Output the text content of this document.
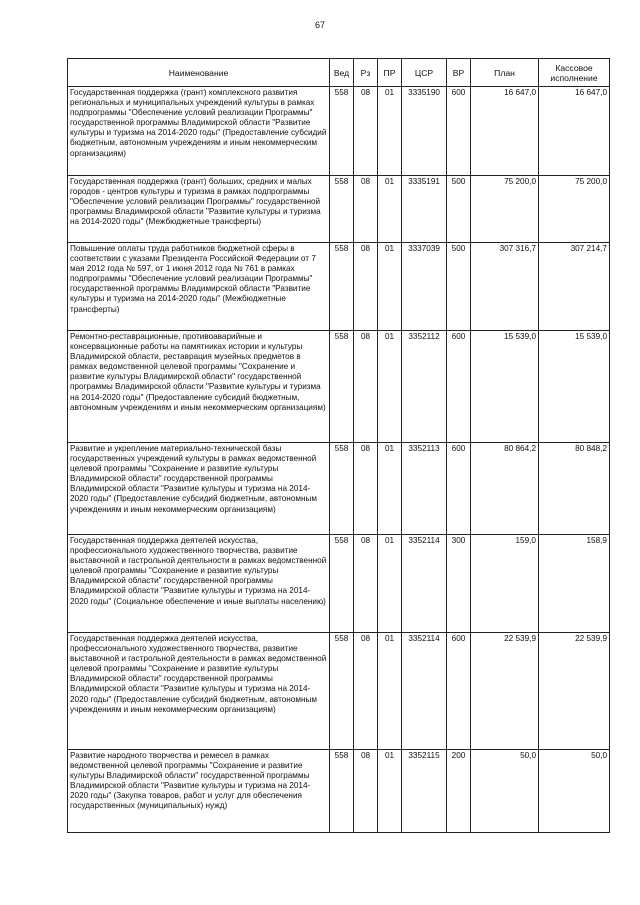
67
Наименование	Вед	Рз	ПР	ЦСР	ВР	План	Кассовое исполнение
Государственная поддержка (грант) комплексного развития региональных и муниципальных учреждений культуры в рамках подпрограммы "Обеспечение условий реализации Программы" государственной программы Владимирской области "Развитие культуры и туризма на 2014-2020 годы" (Предоставление субсидий бюджетным, автономным учреждениям и иным некоммерческим организациям)	558	08	01	3335190	600	16 647,0	16 647,0
Государственная поддержка (грант) больших, средних и малых городов - центров культуры и туризма в рамках подпрограммы "Обеспечение условий реализации Программы" государственной программы Владимирской области "Развитие культуры и туризма на 2014-2020 годы" (Межбюджетные трансферты)	558	08	01	3335191	500	75 200,0	75 200,0
Повышение оплаты труда работников бюджетной сферы в соответствии с указами Президента Российской Федерации от 7 мая 2012 года № 597, от 1 июня 2012 года № 761 в рамках подпрограммы "Обеспечение условий реализации Программы" государственной программы Владимирской области "Развитие культуры и туризма на 2014-2020 годы" (Межбюджетные трансферты)	558	08	01	3337039	500	307 316,7	307 214,7
Ремонтно-реставрационные, противоаварийные и консервационные работы на памятниках истории и культуры Владимирской области, реставрация музейных предметов в рамках ведомственной целевой программы "Сохранение и развитие культуры Владимирской области" государственной программы Владимирской области "Развитие культуры и туризма на 2014-2020 годы" (Предоставление субсидий бюджетным, автономным учреждениям и иным некоммерческим организациям)	558	08	01	3352112	600	15 539,0	15 539,0
Развитие и укрепление материально-технической базы государственных учреждений культуры в рамках ведомственной целевой программы "Сохранение и развитие культуры Владимирской области" государственной программы Владимирской области "Развитие культуры и туризма на 2014-2020 годы" (Предоставление субсидий бюджетным, автономным учреждениям и иным некоммерческим организациям)	558	08	01	3352113	600	80 864,2	80 848,2
Государственная поддержка деятелей искусства, профессионального художественного творчества, развитие выставочной и гастрольной деятельности в рамках ведомственной целевой программы "Сохранение и развитие культуры Владимирской области" государственной программы Владимирской области "Развитие культуры и туризма на 2014-2020 годы" (Социальное обеспечение и иные выплаты населению)	558	08	01	3352114	300	159,0	158,9
Государственная поддержка деятелей искусства, профессионального художественного творчества, развитие выставочной и гастрольной деятельности в рамках ведомственной целевой программы "Сохранение и развитие культуры Владимирской области" государственной программы Владимирской области "Развитие культуры и туризма на 2014-2020 годы" (Предоставление субсидий бюджетным, автономным учреждениям и иным некоммерческим организациям)	558	08	01	3352114	600	22 539,9	22 539,9
Развитие народного творчества и ремесел в рамках ведомственной целевой программы "Сохранение и развитие культуры Владимирской области" государственной программы Владимирской области "Развитие культуры и туризма на 2014-2020 годы" (Закупка товаров, работ и услуг для обеспечения государственных (муниципальных) нужд)	558	08	01	3352115	200	50,0	50,0
